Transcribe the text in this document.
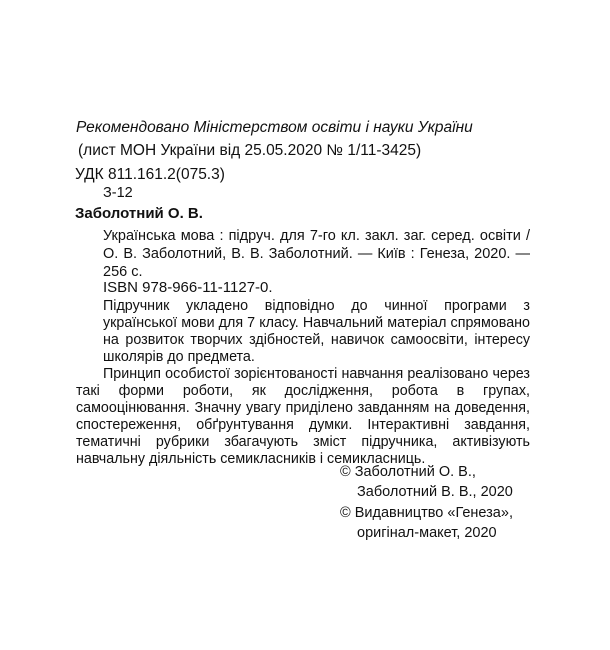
Рекомендовано Міністерством освіти і науки України
(лист МОН України від 25.05.2020 № 1/11-3425)
УДК 811.161.2(075.3)
З-12
Заболотний О. В.
Українська мова : підруч. для 7-го кл. закл. заг. серед. освіти / О. В. Заболотний, В. В. Заболотний. — Київ : Генеза, 2020. — 256 с.
ISBN 978-966-11-1127-0.
Підручник укладено відповідно до чинної програми з української мови для 7 класу. Навчальний матеріал спрямовано на розвиток творчих здібностей, навичок самоосвіти, інтересу школярів до предмета.
Принцип особистої зорієнтованості навчання реалізовано через такі форми роботи, як дослідження, робота в групах, самооцінювання. Значну увагу приділено завданням на доведення, спостереження, обґрунтування думки. Інтерактивні завдання, тематичні рубрики збагачують зміст підручника, активізують навчальну діяльність семикласників і семикласниць.
© Заболотний О. В.,
Заболотний В. В., 2020
© Видавництво «Генеза»,
оригінал-макет, 2020
